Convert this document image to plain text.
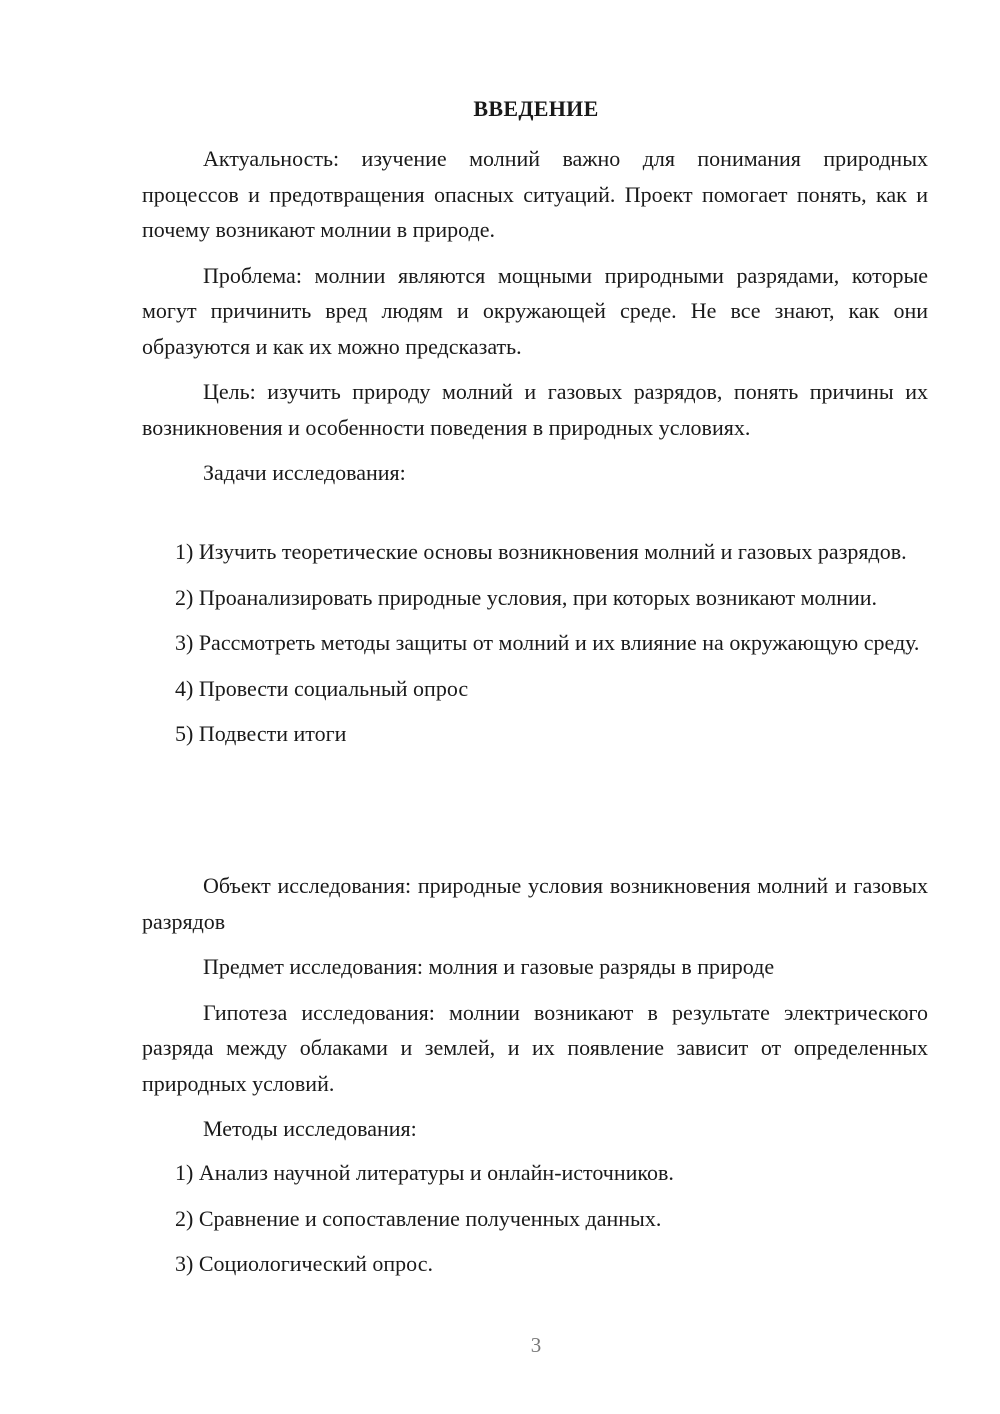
ВВЕДЕНИЕ

Актуальность: изучение молний важно для понимания природных процессов и предотвращения опасных ситуаций. Проект помогает понять, как и почему возникают молнии в природе.

Проблема: молнии являются мощными природными разрядами, которые могут причинить вред людям и окружающей среде. Не все знают, как они образуются и как их можно предсказать.

Цель: изучить природу молний и газовых разрядов, понять причины их возникновения и особенности поведения в природных условиях.

Задачи исследования:

1) Изучить теоретические основы возникновения молний и газовых разрядов.

2) Проанализировать природные условия, при которых возникают молнии.

3) Рассмотреть методы защиты от молний и их влияние на окружающую среду.

4) Провести социальный опрос

5) Подвести итоги

Объект исследования: природные условия возникновения молний и газовых разрядов

Предмет исследования: молния и газовые разряды в природе

Гипотеза исследования: молнии возникают в результате электрического разряда между облаками и землей, и их появление зависит от определенных природных условий.

Методы исследования:

1) Анализ научной литературы и онлайн-источников.

2) Сравнение и сопоставление полученных данных.

3) Социологический опрос.

3
